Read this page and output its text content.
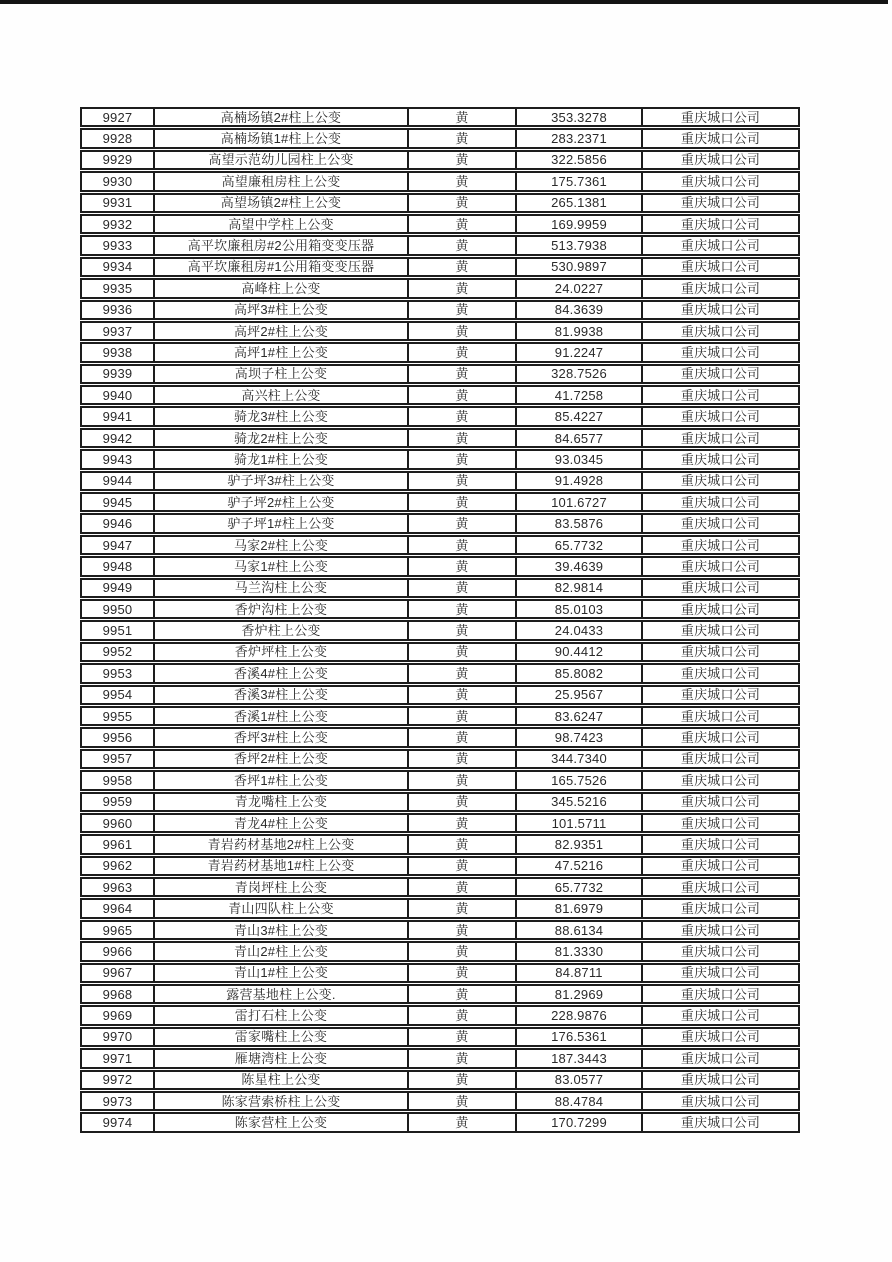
9927	高楠场镇2#柱上公变	黄	353.3278	重庆城口公司
9928	高楠场镇1#柱上公变	黄	283.2371	重庆城口公司
9929	高望示范幼儿园柱上公变	黄	322.5856	重庆城口公司
9930	高望廉租房柱上公变	黄	175.7361	重庆城口公司
9931	高望场镇2#柱上公变	黄	265.1381	重庆城口公司
9932	高望中学柱上公变	黄	169.9959	重庆城口公司
9933	高平坎廉租房#2公用箱变变压器	黄	513.7938	重庆城口公司
9934	高平坎廉租房#1公用箱变变压器	黄	530.9897	重庆城口公司
9935	高峰柱上公变	黄	24.0227	重庆城口公司
9936	高坪3#柱上公变	黄	84.3639	重庆城口公司
9937	高坪2#柱上公变	黄	81.9938	重庆城口公司
9938	高坪1#柱上公变	黄	91.2247	重庆城口公司
9939	高坝子柱上公变	黄	328.7526	重庆城口公司
9940	高兴柱上公变	黄	41.7258	重庆城口公司
9941	骑龙3#柱上公变	黄	85.4227	重庆城口公司
9942	骑龙2#柱上公变	黄	84.6577	重庆城口公司
9943	骑龙1#柱上公变	黄	93.0345	重庆城口公司
9944	驴子坪3#柱上公变	黄	91.4928	重庆城口公司
9945	驴子坪2#柱上公变	黄	101.6727	重庆城口公司
9946	驴子坪1#柱上公变	黄	83.5876	重庆城口公司
9947	马家2#柱上公变	黄	65.7732	重庆城口公司
9948	马家1#柱上公变	黄	39.4639	重庆城口公司
9949	马兰沟柱上公变	黄	82.9814	重庆城口公司
9950	香炉沟柱上公变	黄	85.0103	重庆城口公司
9951	香炉柱上公变	黄	24.0433	重庆城口公司
9952	香炉坪柱上公变	黄	90.4412	重庆城口公司
9953	香溪4#柱上公变	黄	85.8082	重庆城口公司
9954	香溪3#柱上公变	黄	25.9567	重庆城口公司
9955	香溪1#柱上公变	黄	83.6247	重庆城口公司
9956	香坪3#柱上公变	黄	98.7423	重庆城口公司
9957	香坪2#柱上公变	黄	344.7340	重庆城口公司
9958	香坪1#柱上公变	黄	165.7526	重庆城口公司
9959	青龙嘴柱上公变	黄	345.5216	重庆城口公司
9960	青龙4#柱上公变	黄	101.5711	重庆城口公司
9961	青岩药材基地2#柱上公变	黄	82.9351	重庆城口公司
9962	青岩药材基地1#柱上公变	黄	47.5216	重庆城口公司
9963	青岗坪柱上公变	黄	65.7732	重庆城口公司
9964	青山四队柱上公变	黄	81.6979	重庆城口公司
9965	青山3#柱上公变	黄	88.6134	重庆城口公司
9966	青山2#柱上公变	黄	81.3330	重庆城口公司
9967	青山1#柱上公变	黄	84.8711	重庆城口公司
9968	露营基地柱上公变.	黄	81.2969	重庆城口公司
9969	雷打石柱上公变	黄	228.9876	重庆城口公司
9970	雷家嘴柱上公变	黄	176.5361	重庆城口公司
9971	雁塘湾柱上公变	黄	187.3443	重庆城口公司
9972	陈星柱上公变	黄	83.0577	重庆城口公司
9973	陈家营索桥柱上公变	黄	88.4784	重庆城口公司
9974	陈家营柱上公变	黄	170.7299	重庆城口公司
